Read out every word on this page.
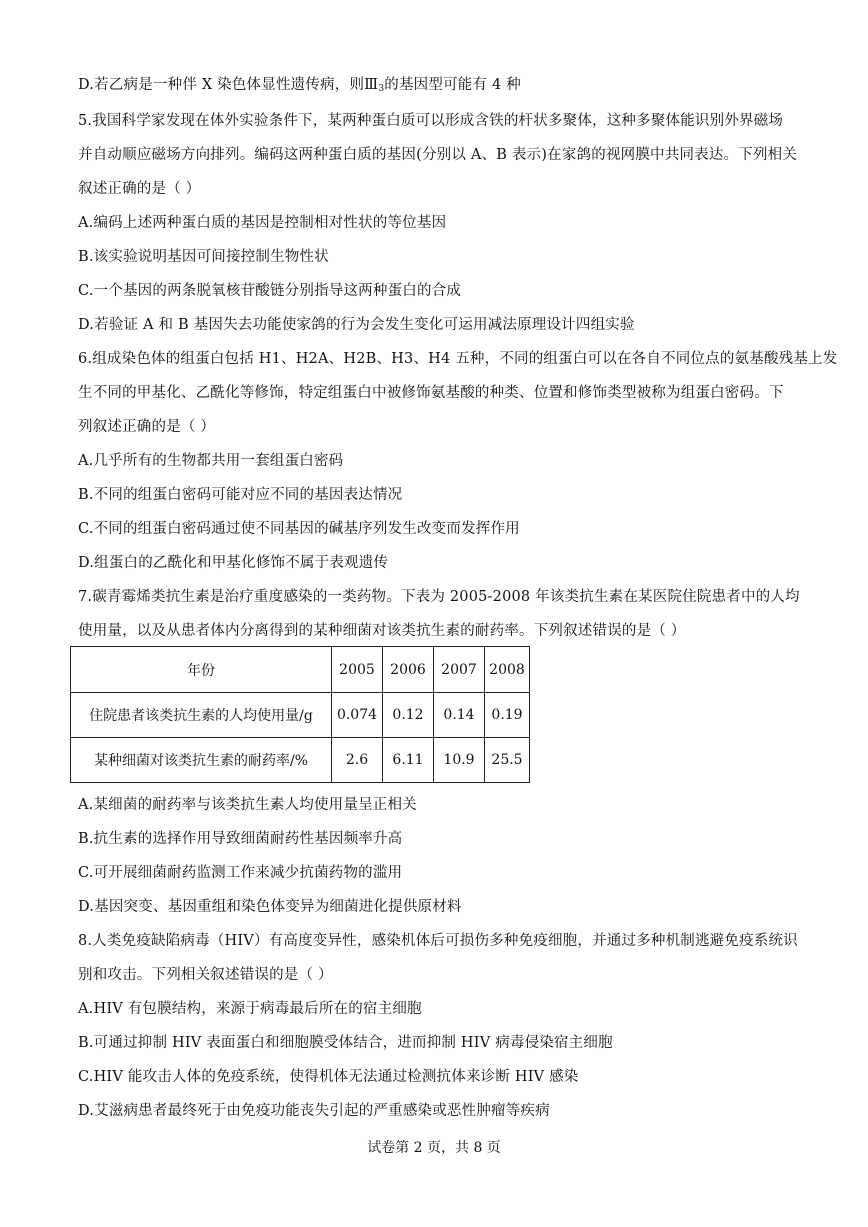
D.若乙病是一种伴 X 染色体显性遗传病，则$Ⅲ_3$的基因型可能有 4 种
5.我国科学家发现在体外实验条件下，某两种蛋白质可以形成含铁的杆状多聚体，这种多聚体能识别外界磁场
并自动顺应磁场方向排列。编码这两种蛋白质的基因(分别以 A、B 表示)在家鸽的视网膜中共同表达。下列相关
叙述正确的是（ ）
A.编码上述两种蛋白质的基因是控制相对性状的等位基因
B.该实验说明基因可间接控制生物性状
C.一个基因的两条脱氧核苷酸链分别指导这两种蛋白的合成
D.若验证 A 和 B 基因失去功能使家鸽的行为会发生变化可运用减法原理设计四组实验
6.组成染色体的组蛋白包括 H1、H2A、H2B、H3、H4 五种，不同的组蛋白可以在各自不同位点的氨基酸残基上发
生不同的甲基化、乙酰化等修饰，特定组蛋白中被修饰氨基酸的种类、位置和修饰类型被称为组蛋白密码。下
列叙述正确的是（ ）
A.几乎所有的生物都共用一套组蛋白密码
B.不同的组蛋白密码可能对应不同的基因表达情况
C.不同的组蛋白密码通过使不同基因的碱基序列发生改变而发挥作用
D.组蛋白的乙酰化和甲基化修饰不属于表观遗传
7.碳青霉烯类抗生素是治疗重度感染的一类药物。下表为 2005-2008 年该类抗生素在某医院住院患者中的人均
使用量，以及从患者体内分离得到的某种细菌对该类抗生素的耐药率。下列叙述错误的是（ ）
年份	2005	2006	2007	2008
住院患者该类抗生素的人均使用量/g	0.074	0.12	0.14	0.19
某种细菌对该类抗生素的耐药率/%	2.6	6.11	10.9	25.5
A.某细菌的耐药率与该类抗生素人均使用量呈正相关
B.抗生素的选择作用导致细菌耐药性基因频率升高
C.可开展细菌耐药监测工作来减少抗菌药物的滥用
D.基因突变、基因重组和染色体变异为细菌进化提供原材料
8.人类免疫缺陷病毒（HIV）有高度变异性，感染机体后可损伤多种免疫细胞，并通过多种机制逃避免疫系统识
别和攻击。下列相关叙述错误的是（ ）
A.HIV 有包膜结构，来源于病毒最后所在的宿主细胞
B.可通过抑制 HIV 表面蛋白和细胞膜受体结合，进而抑制 HIV 病毒侵染宿主细胞
C.HIV 能攻击人体的免疫系统，使得机体无法通过检测抗体来诊断 HIV 感染
D.艾滋病患者最终死于由免疫功能丧失引起的严重感染或恶性肿瘤等疾病
试卷第 2 页，共 8 页
